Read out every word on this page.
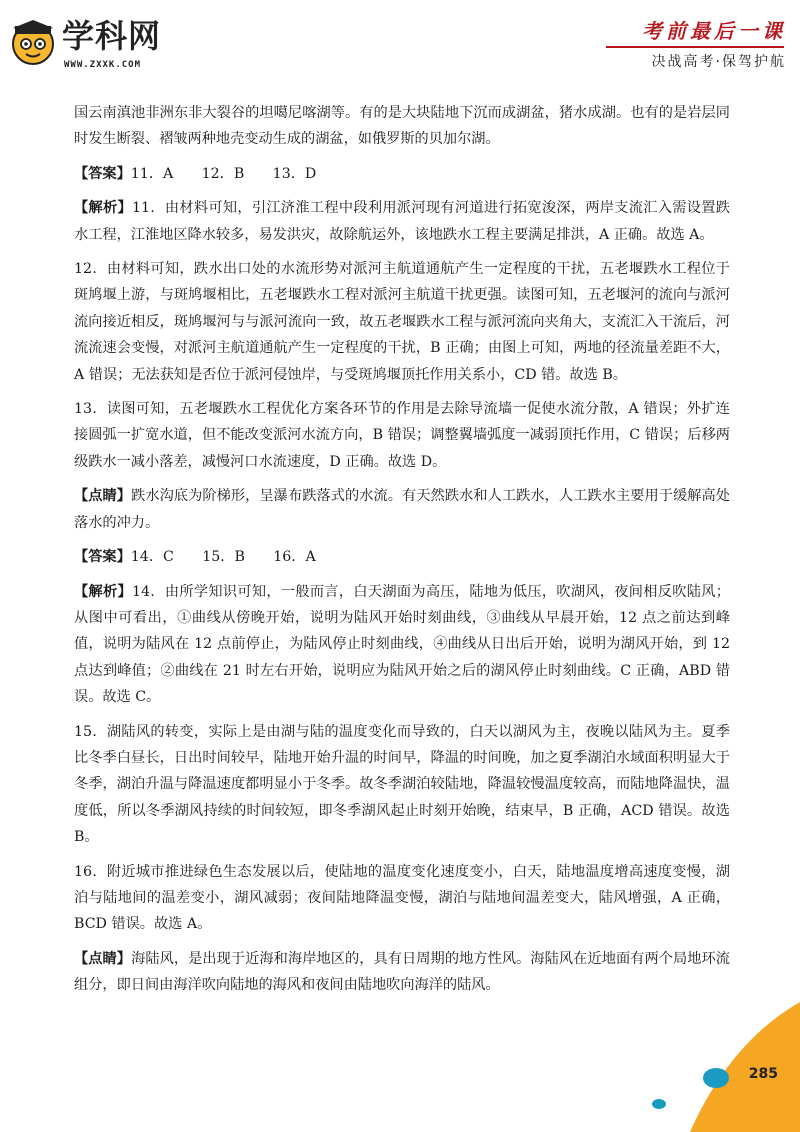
学科网
WWW.ZXXK.COM
考前最后一课
决战高考·保驾护航

国云南滇池非洲东非大裂谷的坦噶尼喀湖等。有的是大块陆地下沉而成湖盆，猪水成湖。也有的是岩层同时发生断裂、褶皱两种地壳变动生成的湖盆，如俄罗斯的贝加尔湖。

【答案】11．A　　12．B　　13．D

【解析】11．由材料可知，引江济淮工程中段利用派河现有河道进行拓宽浚深，两岸支流汇入需设置跌水工程，江淮地区降水较多，易发洪灾，故除航运外，该地跌水工程主要满足排洪，A 正确。故选 A。

12．由材料可知，跌水出口处的水流形势对派河主航道通航产生一定程度的干扰，五老堰跌水工程位于斑鸠堰上游，与斑鸠堰相比，五老堰跌水工程对派河主航道干扰更强。读图可知，五老堰河的流向与派河流向接近相反，斑鸠堰河与与派河流向一致，故五老堰跌水工程与派河流向夹角大，支流汇入干流后，河流流速会变慢，对派河主航道通航产生一定程度的干扰，B 正确；由图上可知，两地的径流量差距不大，A 错误；无法获知是否位于派河侵蚀岸，与受斑鸠堰顶托作用关系小，CD 错。故选 B。

13．读图可知，五老堰跌水工程优化方案各环节的作用是去除导流墙一促使水流分散，A 错误；外扩连接圆弧一扩宽水道，但不能改变派河水流方向，B 错误；调整翼墙弧度一减弱顶托作用，C 错误；后移两级跌水一减小落差，减慢河口水流速度，D 正确。故选 D。

【点睛】跌水沟底为阶梯形，呈瀑布跌落式的水流。有天然跌水和人工跌水，人工跌水主要用于缓解高处落水的冲力。

【答案】14．C　　15．B　　16．A

【解析】14．由所学知识可知，一般而言，白天湖面为高压，陆地为低压，吹湖风，夜间相反吹陆风；从图中可看出，①曲线从傍晚开始，说明为陆风开始时刻曲线，③曲线从早晨开始，12 点之前达到峰值，说明为陆风在 12 点前停止，为陆风停止时刻曲线，④曲线从日出后开始，说明为湖风开始，到 12 点达到峰值；②曲线在 21 时左右开始，说明应为陆风开始之后的湖风停止时刻曲线。C 正确，ABD 错误。故选 C。

15．湖陆风的转变，实际上是由湖与陆的温度变化而导致的，白天以湖风为主，夜晚以陆风为主。夏季比冬季白昼长，日出时间较早，陆地开始升温的时间早，降温的时间晚，加之夏季湖泊水域面积明显大于冬季，湖泊升温与降温速度都明显小于冬季。故冬季湖泊较陆地，降温较慢温度较高，而陆地降温快，温度低，所以冬季湖风持续的时间较短，即冬季湖风起止时刻开始晚，结束早，B 正确，ACD 错误。故选 B。

16．附近城市推进绿色生态发展以后，使陆地的温度变化速度变小，白天，陆地温度增高速度变慢，湖泊与陆地间的温差变小，湖风减弱；夜间陆地降温变慢，湖泊与陆地间温差变大，陆风增强，A 正确，BCD 错误。故选 A。

【点睛】海陆风，是出现于近海和海岸地区的，具有日周期的地方性风。海陆风在近地面有两个局地环流组分，即日间由海洋吹向陆地的海风和夜间由陆地吹向海洋的陆风。

285
